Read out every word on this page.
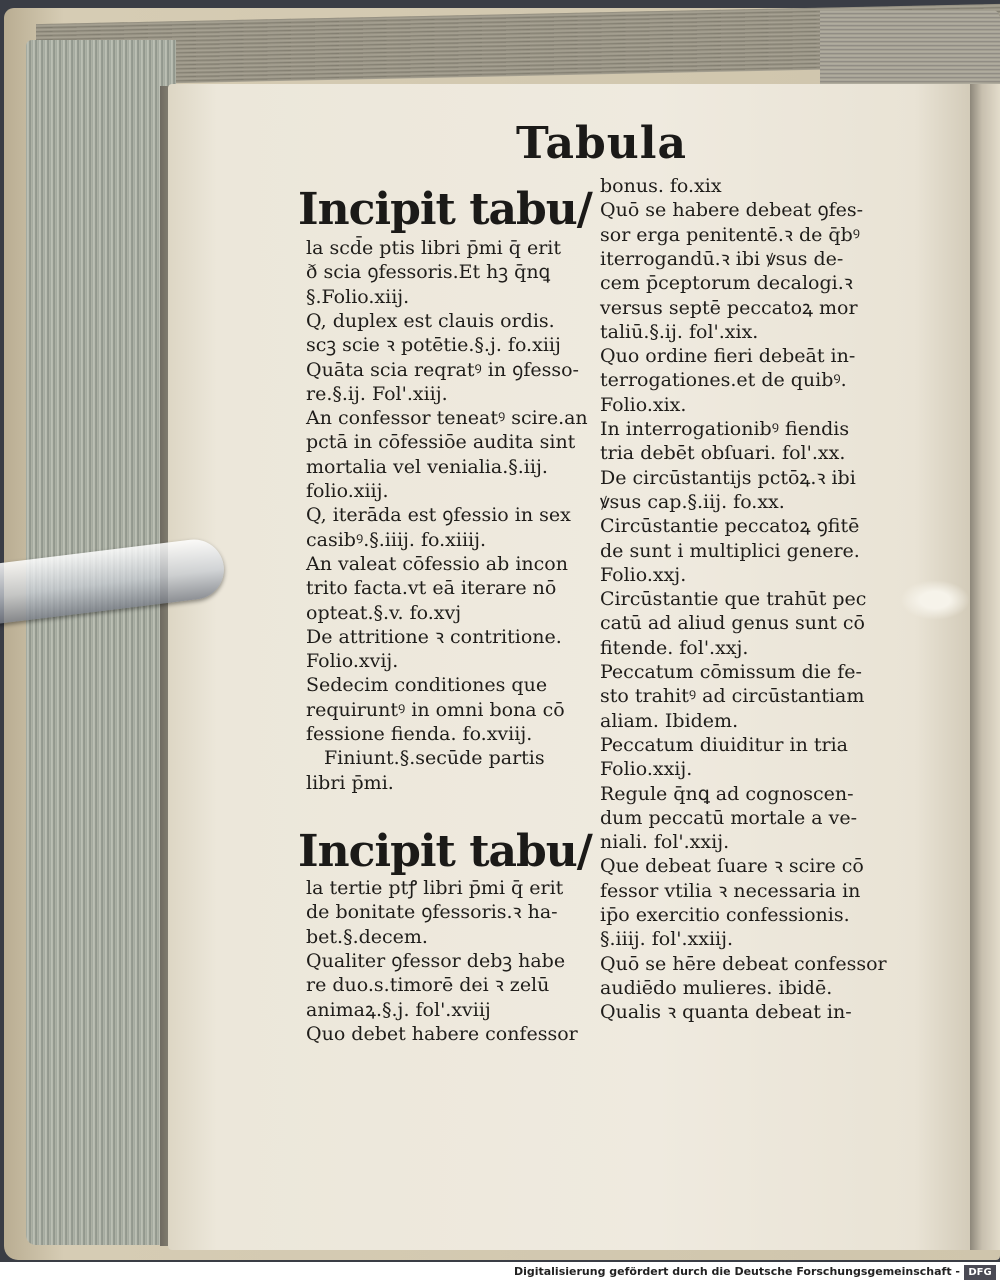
Tabula
Incipit tabu/
la scd̄e ptis libri p̄mi q̄ erit
ð scia ꝯfessoris.Et hꝫ q̄nꝗ
§.Folio.xiij.
Q, duplex est clauis ordis.
scꝫ scie ꝛ potētie.§.j. fo.xiij
Quāta scia reqratꝰ in ꝯfesso-
re.§.ij. Fol'.xiij.
An confessor teneatꝰ scire.an
pctā in cōfessiōe audita sint
mortalia vel venialia.§.iij.
folio.xiij.
Q, iterāda est ꝯfessio in sex
casibꝰ.§.iiij. fo.xiiij.
An valeat cōfessio ab incon
trito facta.vt eā iterare nō
opteat.§.v. fo.xvj
De attritione ꝛ contritione.
Folio.xvij.
Sedecim conditiones que
requiruntꝰ in omni bona cō
fessione fienda. fo.xviij.
Finiunt.§.secūde partis
libri p̄mi.
Incipit tabu/
la tertie ptꝭ libri p̄mi q̄ erit
de bonitate ꝯfessoris.ꝛ ha-
bet.§.decem.
Qualiter ꝯfessor debꝫ habe
re duo.s.timorē dei ꝛ zelū
animaꝝ.§.j. fol'.xviij
Quo debet habere confessor
bonus. fo.xix
Quō se habere debeat ꝯfes-
sor erga penitentē.ꝛ de q̄bꝰ
iterrogandū.ꝛ ibi ꝟsus de-
cem p̄ceptorum decalogi.ꝛ
versus septē peccatoꝝ mor
taliū.§.ij. fol'.xix.
Quo ordine fieri debeāt in-
terrogationes.et de quibꝰ.
Folio.xix.
In interrogationibꝰ fiendis
tria debēt obſuari. fol'.xx.
De circūstantijs pctōꝝ.ꝛ ibi
ꝟsus cap.§.iij. fo.xx.
Circūstantie peccatoꝝ ꝯfitē
de sunt i multiplici genere.
Folio.xxj.
Circūstantie que trahūt pec
catū ad aliud genus sunt cō
fitende. fol'.xxj.
Peccatum cōmissum die fe-
sto trahitꝰ ad circūstantiam
aliam. Ibidem.
Peccatum diuiditur in tria
Folio.xxij.
Regule q̄nꝗ ad cognoscen-
dum peccatū mortale a ve-
niali. fol'.xxij.
Que debeat ſuare ꝛ scire cō
fessor vtilia ꝛ necessaria in
ip̄o exercitio confessionis.
§.iiij. fol'.xxiij.
Quō se hēre debeat confessor
audiēdo mulieres. ibidē.
Qualis ꝛ quanta debeat in-
Digitalisierung gefördert durch die Deutsche Forschungsgemeinschaft - DFG
